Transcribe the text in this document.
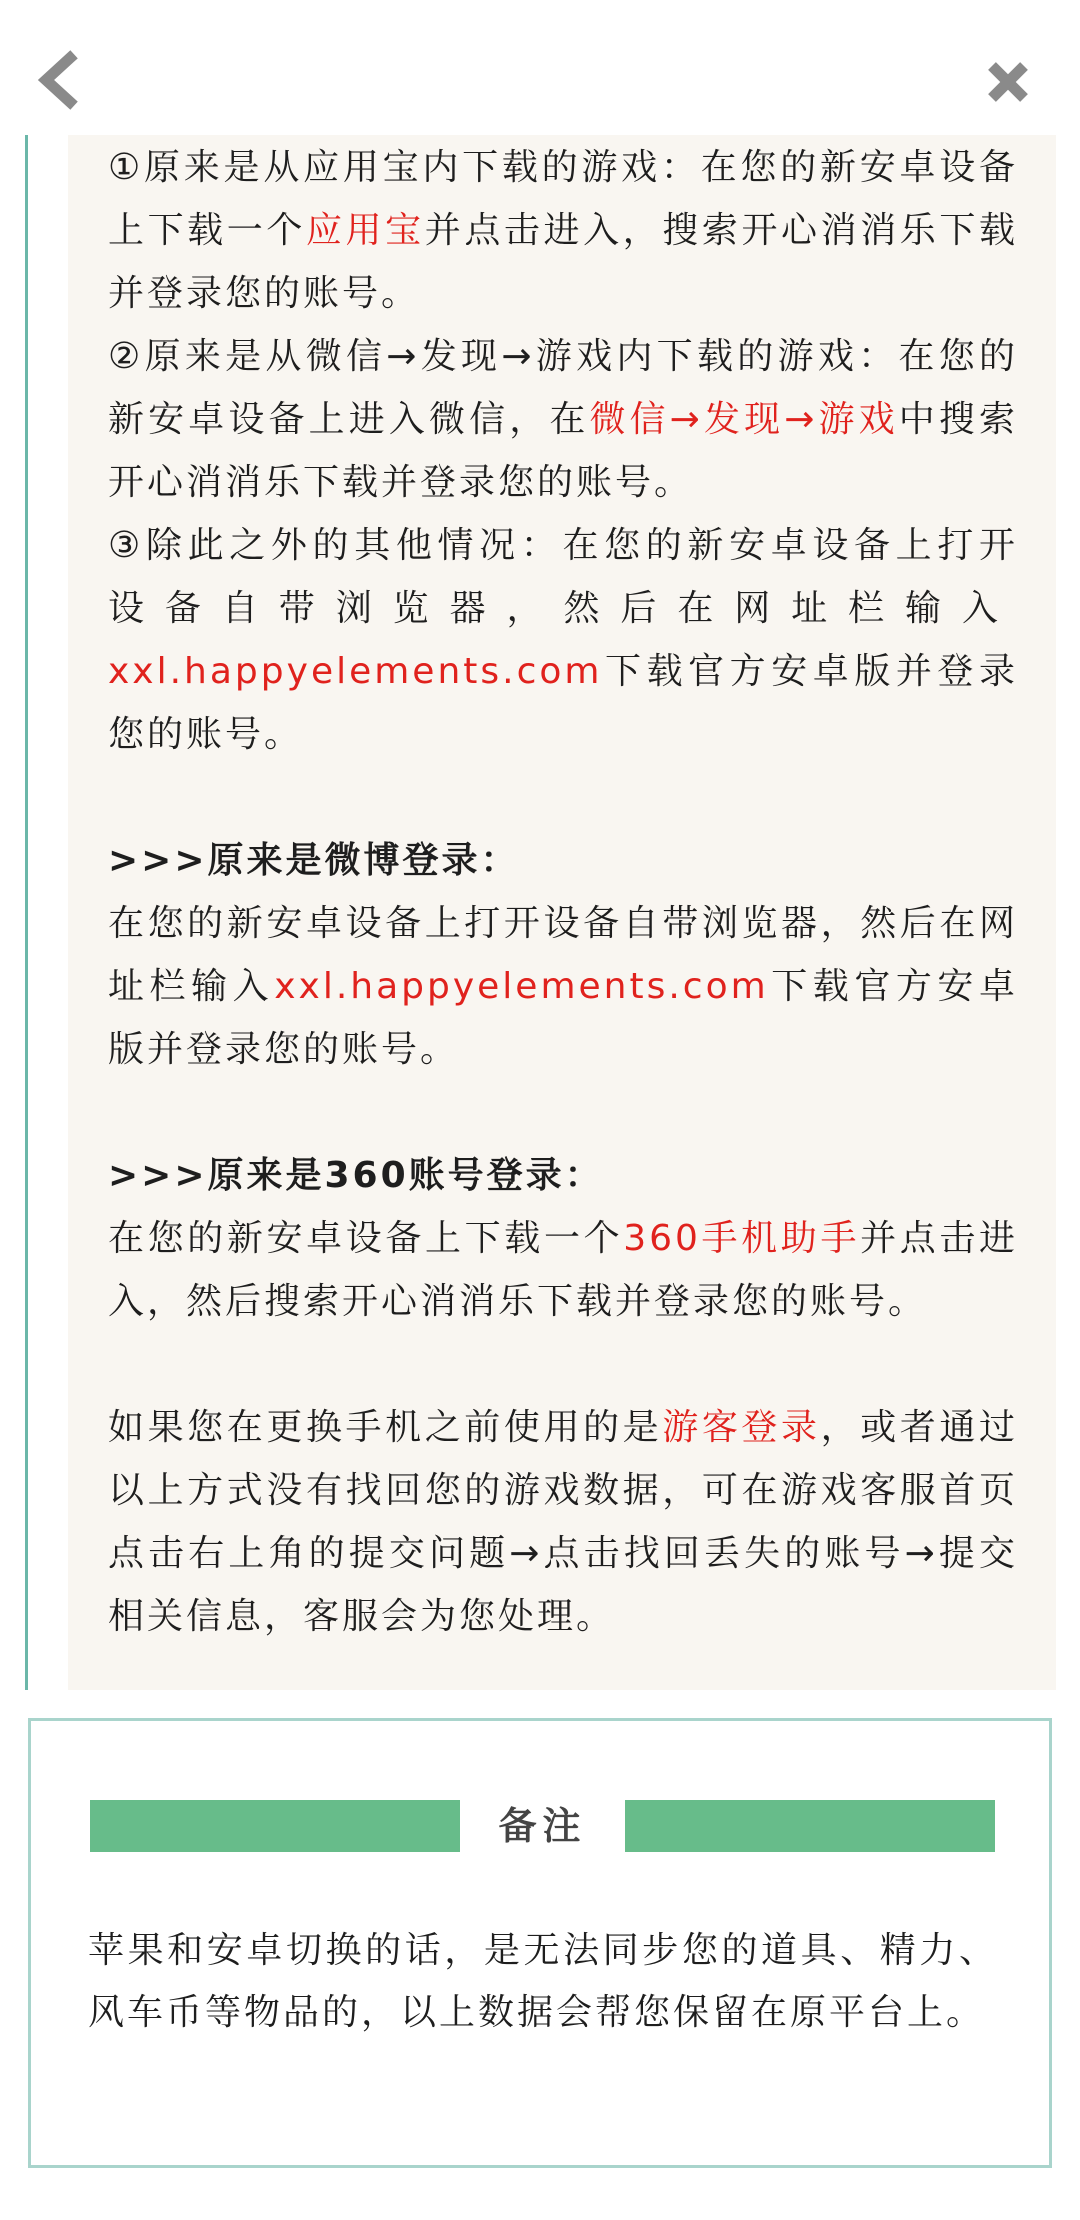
①原来是从应用宝内下载的游戏：在您的新安卓设备上下载一个应用宝并点击进入，搜索开心消消乐下载并登录您的账号。

②原来是从微信→发现→游戏内下载的游戏：在您的新安卓设备上进入微信，在微信→发现→游戏中搜索开心消消乐下载并登录您的账号。

③除此之外的其他情况：在您的新安卓设备上打开设备自带浏览器，然后在网址栏输入xxl.happyelements.com下载官方安卓版并登录您的账号。

>>>原来是微博登录：

在您的新安卓设备上打开设备自带浏览器，然后在网址栏输入xxl.happyelements.com下载官方安卓版并登录您的账号。

>>>原来是360账号登录：

在您的新安卓设备上下载一个360手机助手并点击进入，然后搜索开心消消乐下载并登录您的账号。

如果您在更换手机之前使用的是游客登录，或者通过以上方式没有找回您的游戏数据，可在游戏客服首页点击右上角的提交问题→点击找回丢失的账号→提交相关信息，客服会为您处理。

备注
苹果和安卓切换的话，是无法同步您的道具、精力、风车币等物品的，以上数据会帮您保留在原平台上。
